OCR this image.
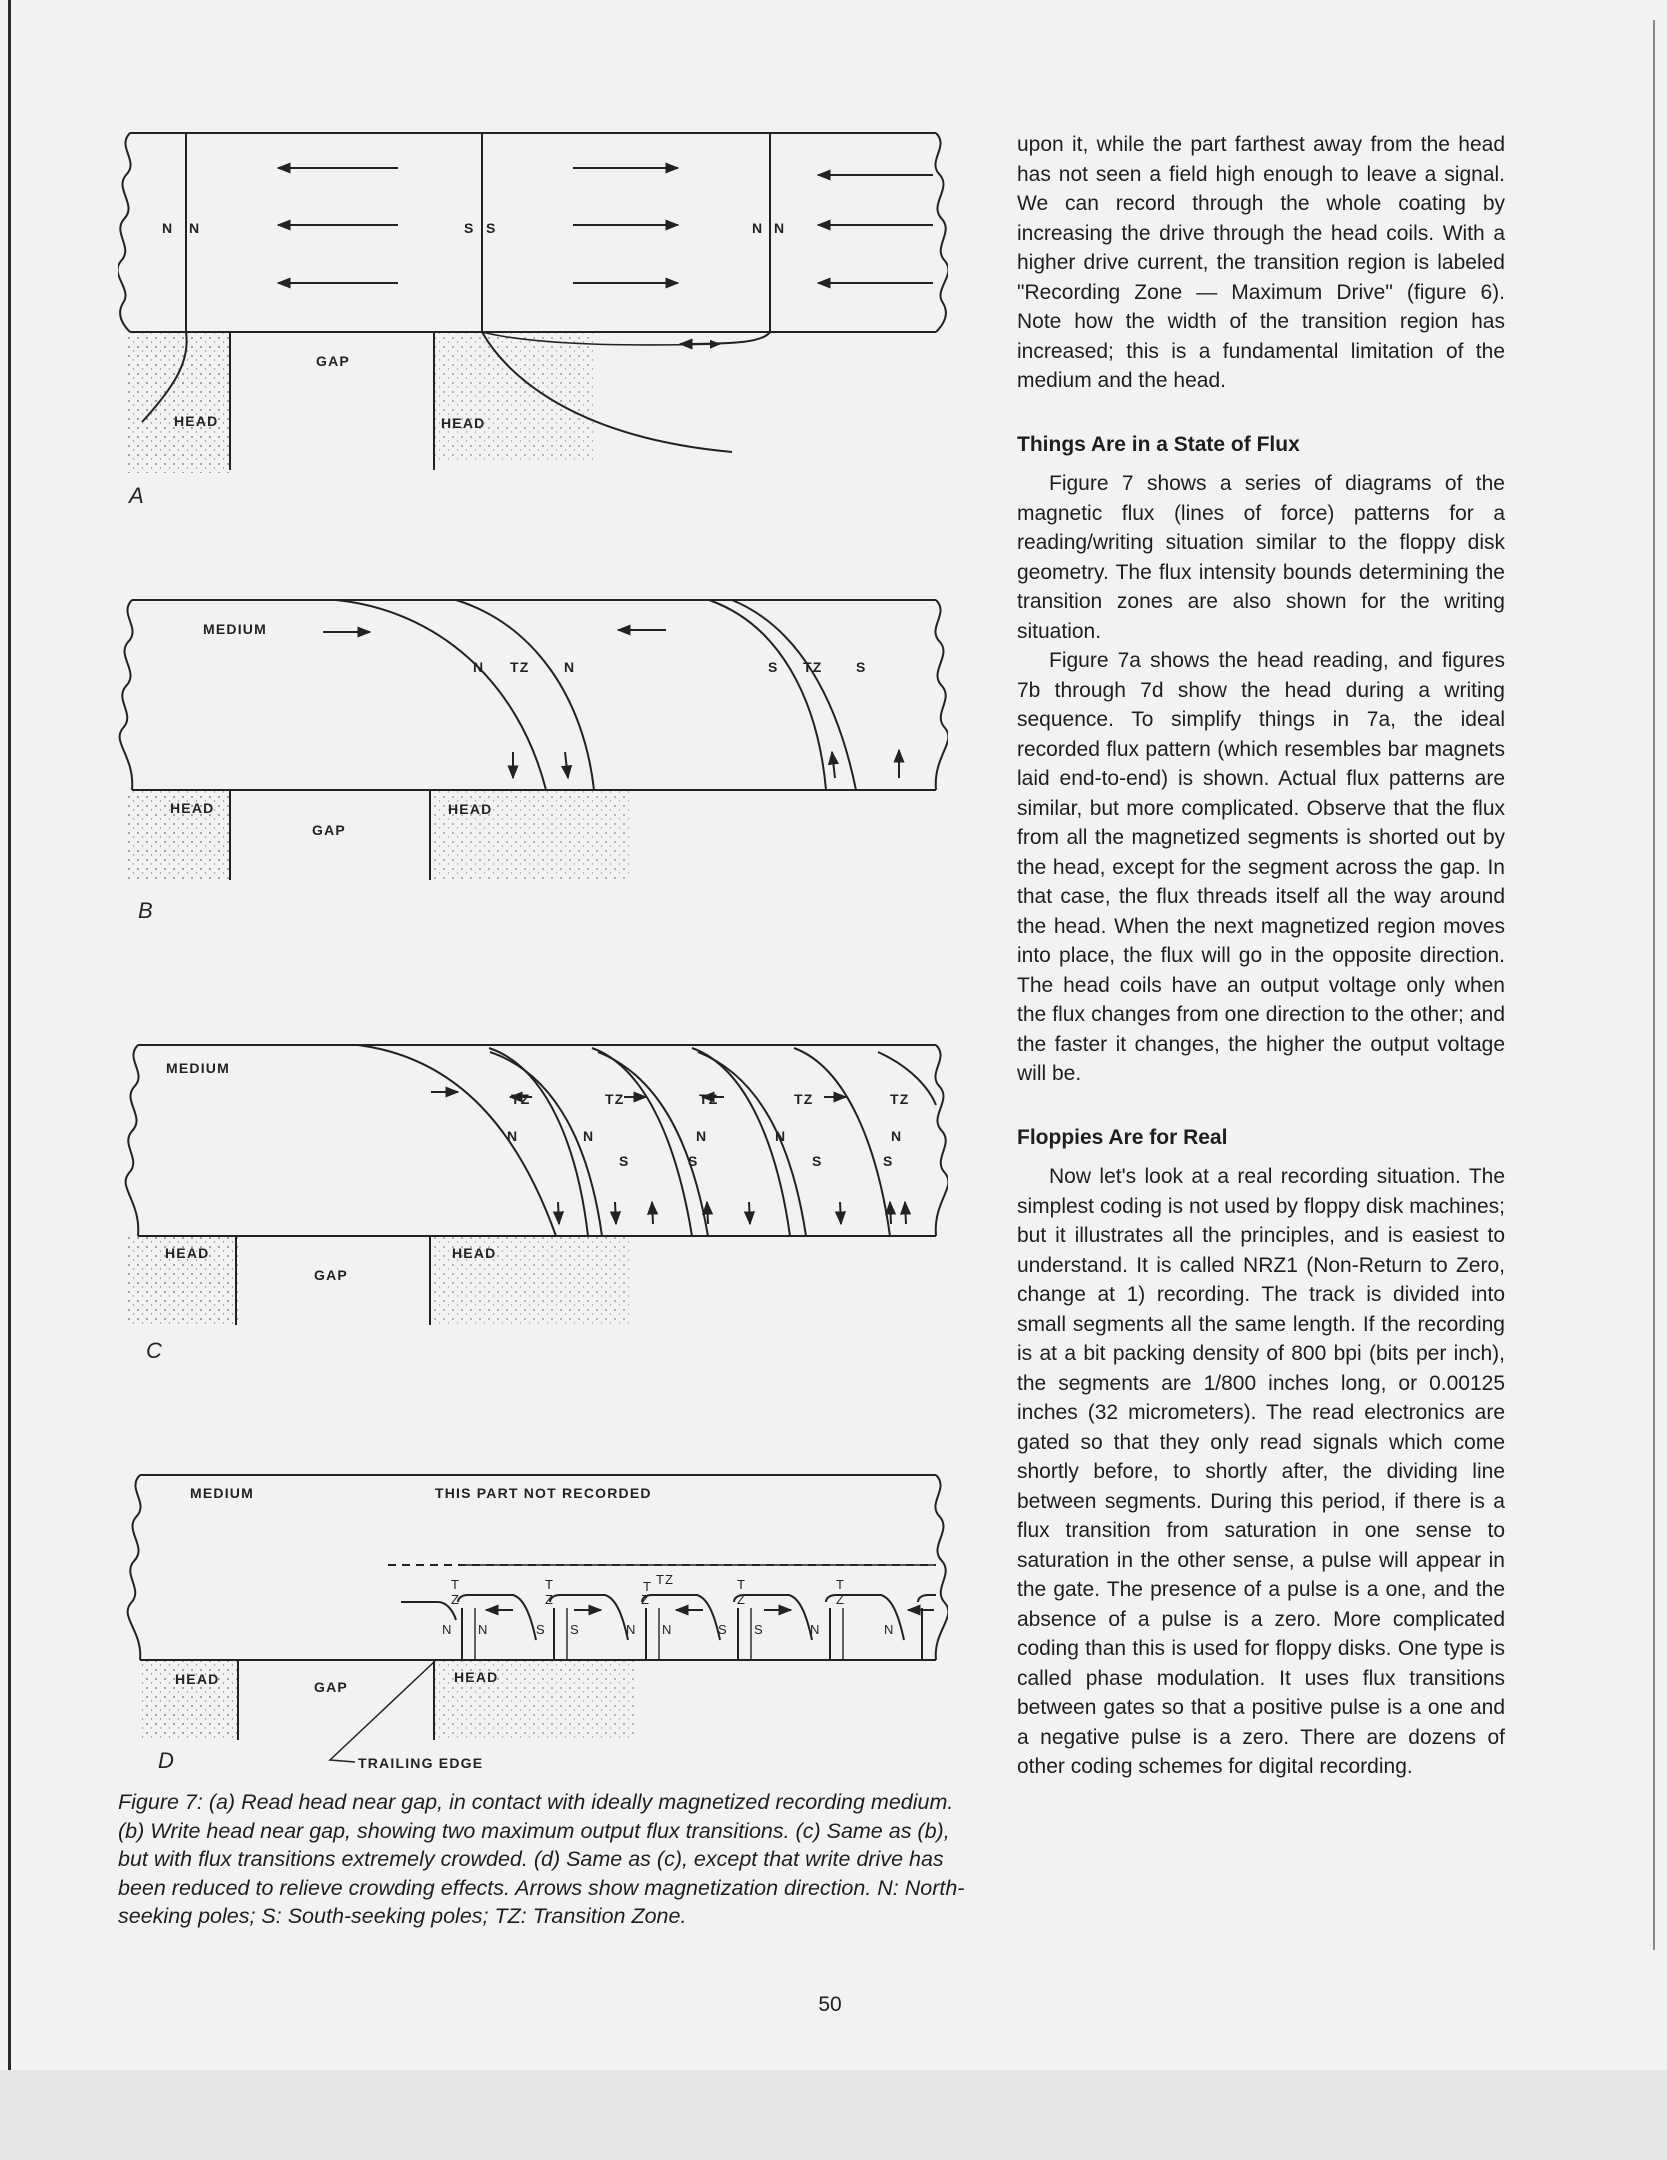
N N	S S	N N
GAP
HEAD	HEAD
A
MEDIUM
N TZ N	S TZ S
HEAD
GAP
HEAD
B
MEDIUM
TZ	TZ	TZ	TZ	TZ
N	N	N	N	N
S	S	S	S
HEAD
GAP
HEAD
C
MEDIUM	THIS PART NOT RECORDED
T
Z
T
Z
T TZ
Z
T
Z
T
Z
N N	S S	N N	S S	N	N
HEAD	GAP
HEAD
TRAILING EDGE
D

Figure 7: (a) Read head near gap, in contact with ideally magnetized recording medium. (b) Write head near gap, showing two maximum output flux transitions. (c) Same as (b), but with flux transitions extremely crowded. (d) Same as (c), except that write drive has been reduced to relieve crowding effects. Arrows show magnetization direction. N: North-seeking poles; S: South-seeking poles; TZ: Transition Zone.

upon it, while the part farthest away from the head has not seen a field high enough to leave a signal. We can record through the whole coating by increasing the drive through the head coils. With a higher drive current, the transition region is labeled "Recording Zone — Maximum Drive" (figure 6). Note how the width of the transition region has increased; this is a fundamental limitation of the medium and the head.

Things Are in a State of Flux

Figure 7 shows a series of diagrams of the magnetic flux (lines of force) patterns for a reading/writing situation similar to the floppy disk geometry. The flux intensity bounds determining the transition zones are also shown for the writing situation.

Figure 7a shows the head reading, and figures 7b through 7d show the head during a writing sequence. To simplify things in 7a, the ideal recorded flux pattern (which resembles bar magnets laid end-to-end) is shown. Actual flux patterns are similar, but more complicated. Observe that the flux from all the magnetized segments is shorted out by the head, except for the segment across the gap. In that case, the flux threads itself all the way around the head. When the next magnetized region moves into place, the flux will go in the opposite direction. The head coils have an output voltage only when the flux changes from one direction to the other; and the faster it changes, the higher the output voltage will be.

Floppies Are for Real

Now let's look at a real recording situation. The simplest coding is not used by floppy disk machines; but it illustrates all the principles, and is easiest to understand. It is called NRZ1 (Non-Return to Zero, change at 1) recording. The track is divided into small segments all the same length. If the recording is at a bit packing density of 800 bpi (bits per inch), the segments are 1/800 inches long, or 0.00125 inches (32 micrometers). The read electronics are gated so that they only read signals which come shortly before, to shortly after, the dividing line between segments. During this period, if there is a flux transition from saturation in one sense to saturation in the other sense, a pulse will appear in the gate. The presence of a pulse is a one, and the absence of a pulse is a zero. More complicated coding than this is used for floppy disks. One type is called phase modulation. It uses flux transitions between gates so that a positive pulse is a one and a negative pulse is a zero. There are dozens of other coding schemes for digital recording.

50
